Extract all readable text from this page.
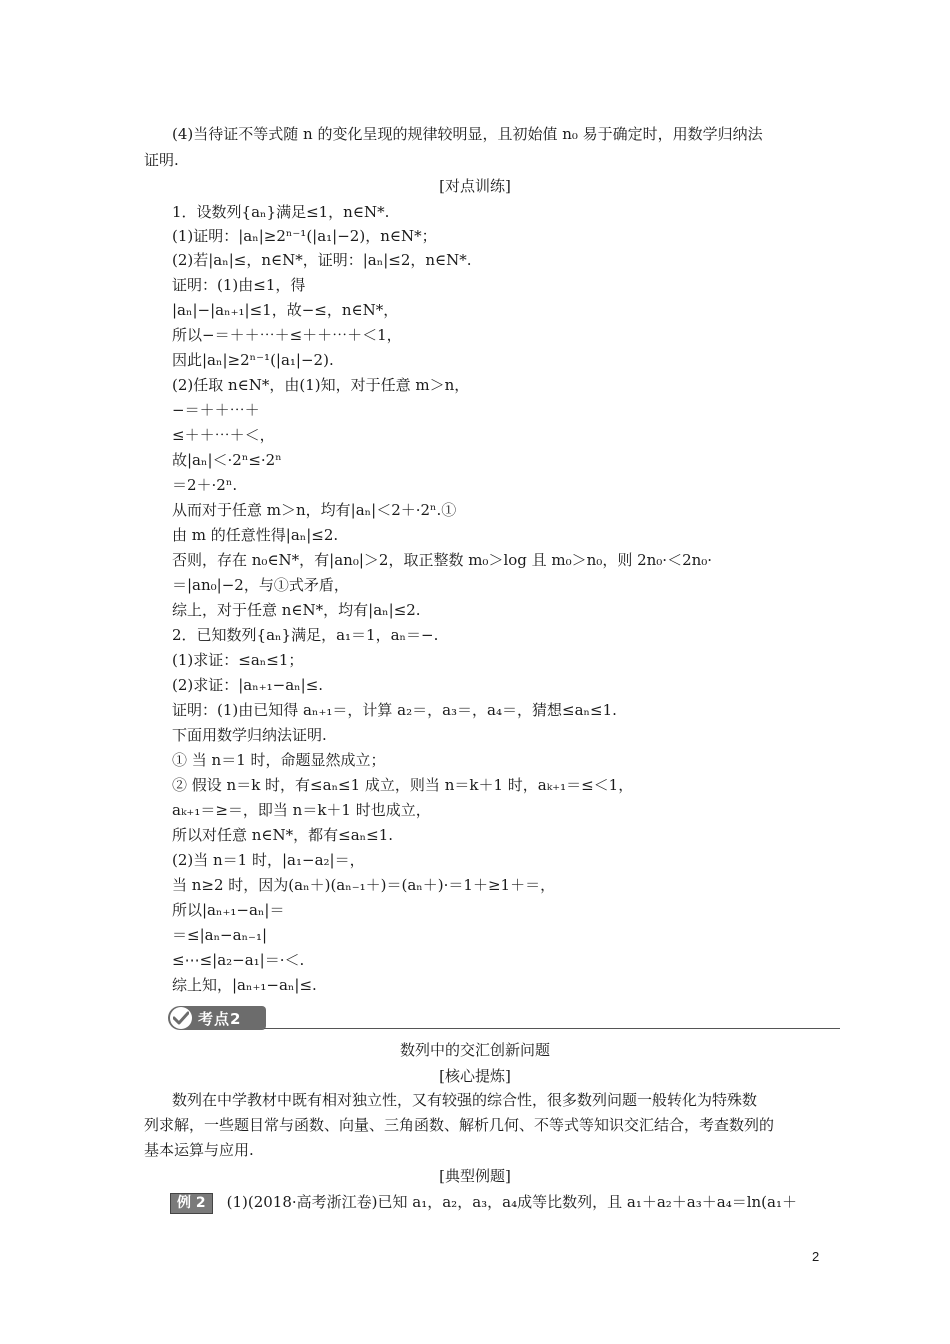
(4)当待证不等式随 n 的变化呈现的规律较明显，且初始值 n₀ 易于确定时，用数学归纳法
证明.
[对点训练]
1．设数列{aₙ}满足≤1，n∈N*.
(1)证明：|aₙ|≥2ⁿ⁻¹(|a₁|−2)，n∈N*；
(2)若|aₙ|≤，n∈N*，证明：|aₙ|≤2，n∈N*.
证明：(1)由≤1，得
|aₙ|−|aₙ₊₁|≤1，故−≤，n∈N*，
所以−＝＋＋⋯＋≤＋＋⋯＋＜1，
因此|aₙ|≥2ⁿ⁻¹(|a₁|−2).
(2)任取 n∈N*，由(1)知，对于任意 m＞n，
−＝＋＋⋯＋
≤＋＋⋯＋＜，
故|aₙ|＜·2ⁿ≤·2ⁿ
＝2＋·2ⁿ.
从而对于任意 m＞n，均有|aₙ|＜2＋·2ⁿ.①
由 m 的任意性得|aₙ|≤2.
否则，存在 n₀∈N*，有|an₀|＞2，取正整数 m₀＞log 且 m₀＞n₀，则 2n₀·＜2n₀·
＝|an₀|−2，与①式矛盾，
综上，对于任意 n∈N*，均有|aₙ|≤2.
2．已知数列{aₙ}满足，a₁＝1，aₙ＝−.
(1)求证：≤aₙ≤1；
(2)求证：|aₙ₊₁−aₙ|≤.
证明：(1)由已知得 aₙ₊₁＝，计算 a₂＝，a₃＝，a₄＝，猜想≤aₙ≤1.
下面用数学归纳法证明.
① 当 n＝1 时，命题显然成立；
② 假设 n＝k 时，有≤aₙ≤1 成立，则当 n＝k＋1 时，aₖ₊₁＝≤＜1，
aₖ₊₁＝≥＝，即当 n＝k＋1 时也成立，
所以对任意 n∈N*，都有≤aₙ≤1.
(2)当 n＝1 时，|a₁−a₂|＝，
当 n≥2 时，因为(aₙ＋)(aₙ₋₁＋)＝(aₙ＋)·＝1＋≥1＋＝，
所以|aₙ₊₁−aₙ|＝
＝≤|aₙ−aₙ₋₁|
≤⋯≤|a₂−a₁|＝·＜.
综上知，|aₙ₊₁−aₙ|≤.
考点2
数列中的交汇创新问题
[核心提炼]
数列在中学教材中既有相对独立性，又有较强的综合性，很多数列问题一般转化为特殊数
列求解，一些题目常与函数、向量、三角函数、解析几何、不等式等知识交汇结合，考查数列的
基本运算与应用.
[典型例题]
例 2 (1)(2018·高考浙江卷)已知 a₁，a₂，a₃，a₄成等比数列，且 a₁＋a₂＋a₃＋a₄＝ln(a₁＋
2
